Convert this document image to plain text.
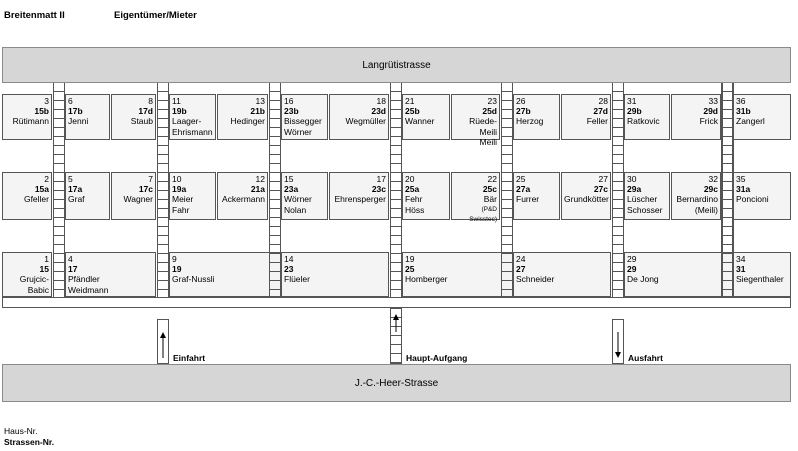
Breitenmatt II	Eigentümer/Mieter
Langrütistrasse
3
15b
Rütimann
6
17b
Jenni
8
17d
Staub
11
19b
Laager-
Ehrismann
13
21b
Hedinger
16
23b
Bissegger
Wörner
18
23d
Wegmüller
21
25b
Wanner
23
25d
Rüede-Meili
Meili
26
27b
Herzog
28
27d
Feller
31
29b
Ratkovic
33
29d
Frick
36
31b
Zangerl
2
15a
Gfeller
5
17a
Graf
7
17c
Wagner
10
19a
Meier
Fahr
12
21a
Ackermann
15
23a
Wörner
Nolan
17
23c
Ehrensperger
20
25a
Fehr
Höss
22
25c
Bär
(P&D Swisstec)
25
27a
Furrer
27
27c
Grundkötter
30
29a
Lüscher
Schosser
32
29c
Bernardino
(Meili)
35
31a
Poncioni
1
15
Grujcic-
Babic
4
17
Pfändler
Weidmann
9
19
Graf-Nussli
14
23
Flüeler
19
25
Homberger
24
27
Schneider
29
29
De Jong
34
31
Siegenthaler
Einfahrt	Haupt-Aufgang	Ausfahrt
J.-C.-Heer-Strasse
Haus-Nr.
Strassen-Nr.
